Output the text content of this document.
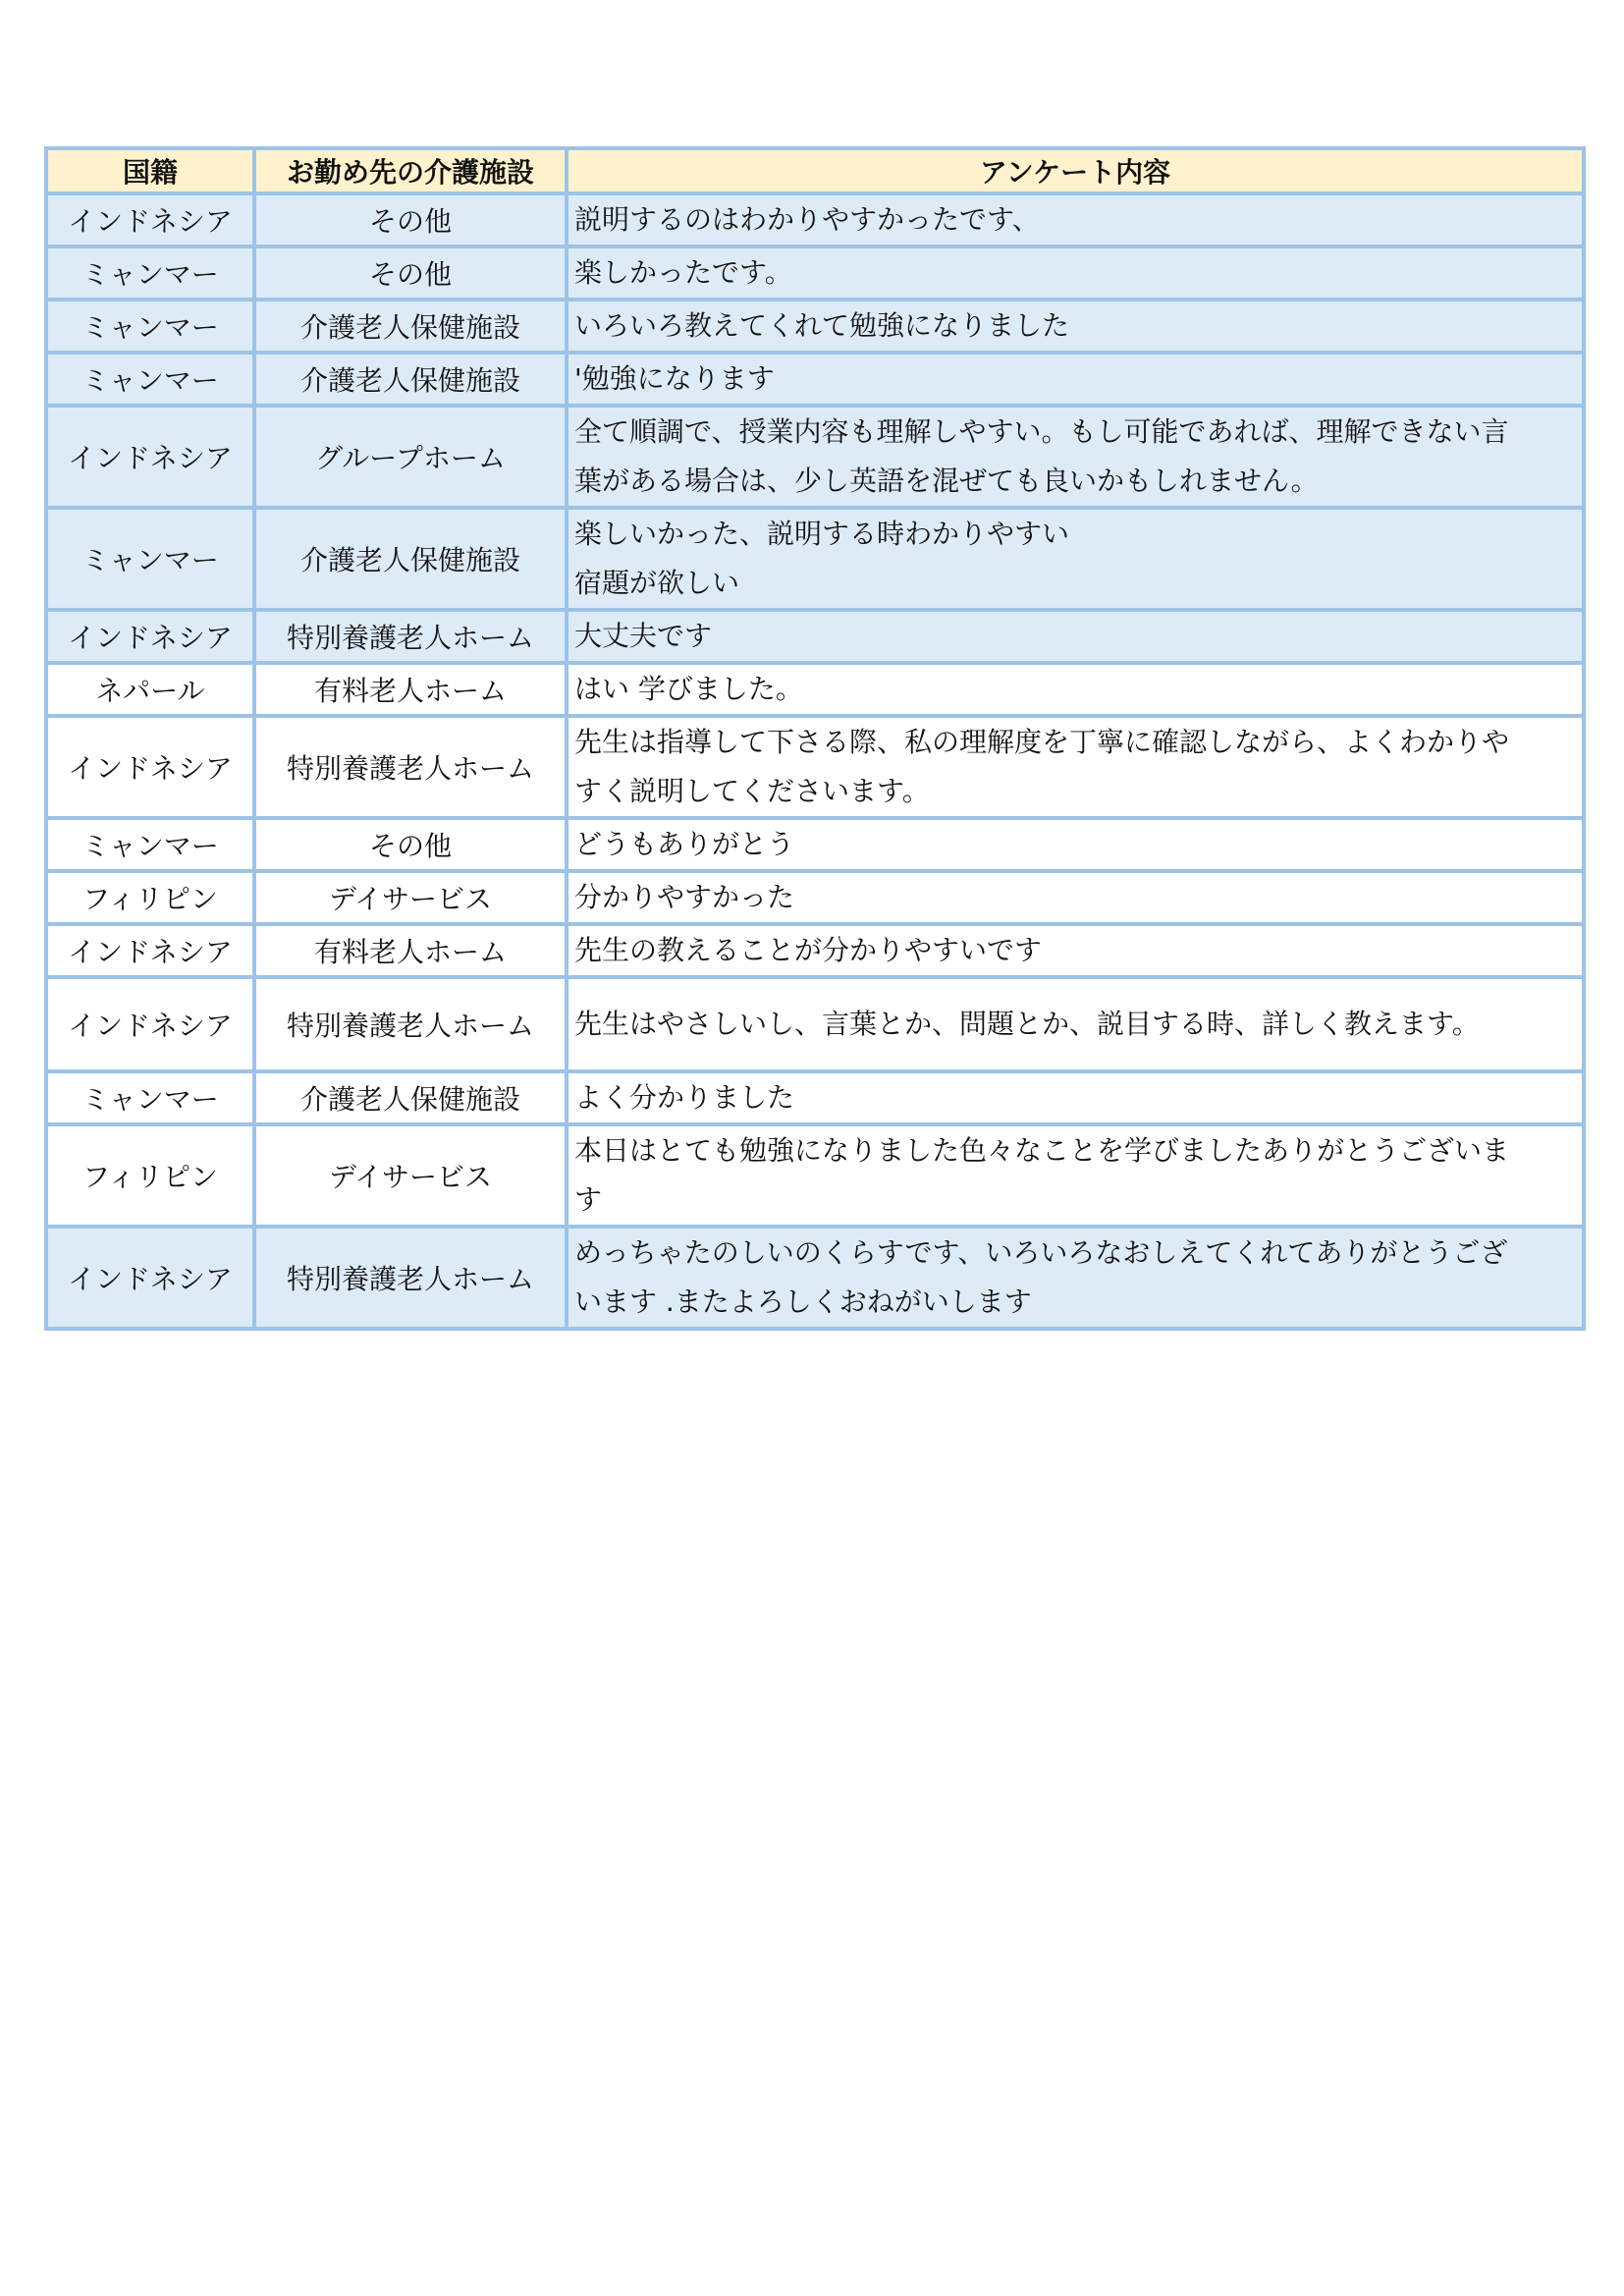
国籍	お勤め先の介護施設	アンケート内容
インドネシア	その他	説明するのはわかりやすかったです、

ミャンマー	その他	楽しかったです。

ミャンマー	介護老人保健施設	いろいろ教えてくれて勉強になりました

ミャンマー	介護老人保健施設	'勉強になります

インドネシア	グループホーム	全て順調で、授業内容も理解しやすい。もし可能であれば、理解できない言
葉がある場合は、少し英語を混ぜても良いかもしれません。

ミャンマー	介護老人保健施設	楽しいかった、説明する時わかりやすい
宿題が欲しい

インドネシア	特別養護老人ホーム	大丈夫です

ネパール	有料老人ホーム	はい 学びました。

インドネシア	特別養護老人ホーム	先生は指導して下さる際、私の理解度を丁寧に確認しながら、よくわかりや
すく説明してくださいます。

ミャンマー	その他	どうもありがとう

フィリピン	デイサービス	分かりやすかった

インドネシア	有料老人ホーム	先生の教えることが分かりやすいです

インドネシア	特別養護老人ホーム	先生はやさしいし、言葉とか、問題とか、説目する時、詳しく教えます。

ミャンマー	介護老人保健施設	よく分かりました

フィリピン	デイサービス	本日はとても勉強になりました色々なことを学びましたありがとうございま
す

インドネシア	特別養護老人ホーム	めっちゃたのしいのくらすです、いろいろなおしえてくれてありがとうござ
います .またよろしくおねがいします
